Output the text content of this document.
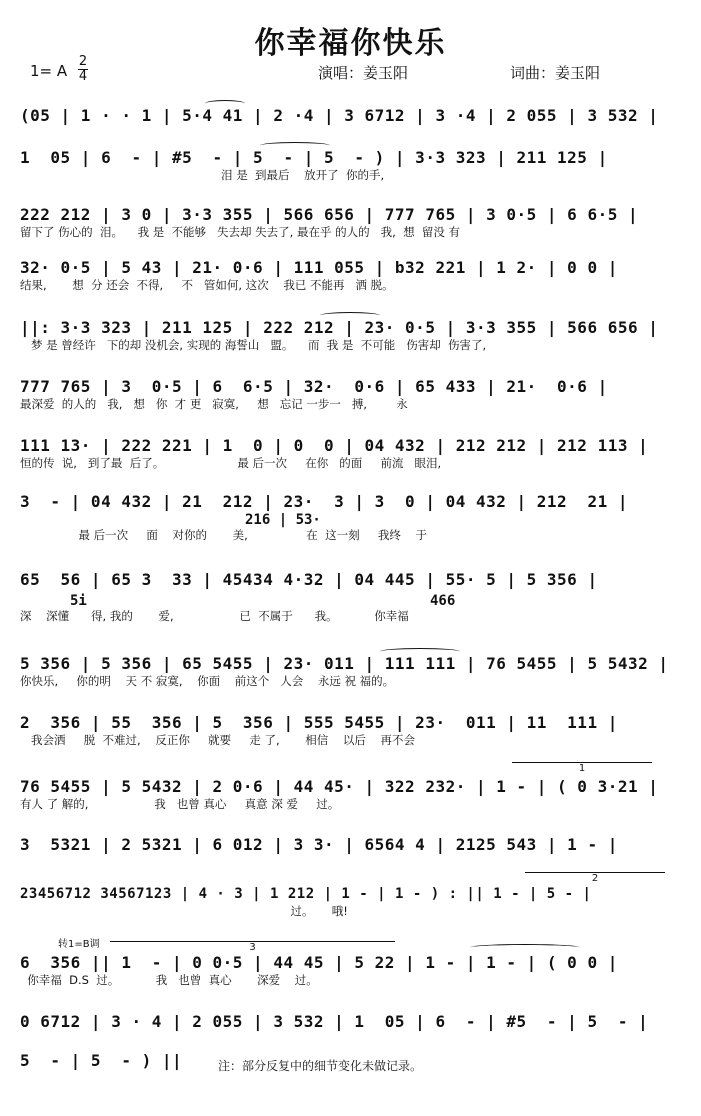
你幸福你快乐
1= A
2
4	演唱：姜玉阳	词曲：姜玉阳
(05 | 1 · · 1 | 5·4 41 | 2 ·4 | 3 6712 | 3 ·4 | 2 055 | 3 532 |
1  05 | 6  - | #5  - | 5  - | 5  - ) | 3·3 323 | 211 125 |
泪 是  到最后    放开了  你的手,
222 212 | 3 0 | 3·3 355 | 566 656 | 777 765 | 3 0·5 | 6 6·5 |
留下了 伤心的  泪。    我 是  不能够   失去却 失去了, 最在乎 的人的   我,  想  留没 有
32· 0·5 | 5 43 | 21· 0·6 | 111 055 | b32 221 | 1 2· | 0 0 |
结果,       想  分 还会  不得,     不   管如何, 这次    我已 不能再   洒 脱。
||: 3·3 323 | 211 125 | 222 212 | 23· 0·5 | 3·3 355 | 566 656 |
梦 是 曾经许   下的却 没机会, 实现的 海誓山   盟。    而  我 是  不可能   伤害却  伤害了,
777 765 | 3  0·5 | 6  6·5 | 32·  0·6 | 65 433 | 21·  0·6 |
最深爱  的人的   我,   想   你  才 更   寂寞,     想   忘记 一步一   搏,        永
111 13· | 222 221 | 1  0 | 0  0 | 04 432 | 212 212 | 212 113 |
恒的传  说,   到了最  后了。                    最 后一次     在你   的面     前流   眼泪,
3  - | 04 432 | 21  212 | 23·  3 | 3  0 | 04 432 | 212  21 |
216 | 53·
最 后一次     面    对你的       美,                在  这一刻     我终    于
65  56 | 65 3  33 | 45434 4·32 | 04 445 | 55· 5 | 5 356 |
5i	466
深    深懂      得, 我的       爱,                  已  不属于      我。          你幸福
5 356 | 5 356 | 65 5455 | 23· 011 | 111 111 | 76 5455 | 5 5432 |
你快乐,     你的明    天 不 寂寞,    你面    前这个   人会    永远 祝 福的。
2  356 | 55  356 | 5  356 | 555 5455 | 23·  011 | 11  111 |
我会洒     脱  不难过,    反正你     就要     走 了,       相信    以后    再不会
76 5455 | 5 5432 | 2 0·6 | 44 45· | 322 232· | 1 - | ( 0 3·21 |
有人 了 解的,                  我   也曾 真心     真意 深 爱     过。
3  5321 | 2 5321 | 6 012 | 3 3· | 6564 4 | 2125 543 | 1 - |
23456712 34567123 | 4 · 3 | 1 212 | 1 - | 1 - ) : || 1 - | 5 - |
过。     哦!
转1=B调
6  356 || 1  - | 0 0·5 | 44 45 | 5 22 | 1 - | 1 - | ( 0 0 |
你幸福  D.S  过。          我   也曾  真心       深爱    过。
0 6712 | 3 · 4 | 2 055 | 3 532 | 1  05 | 6  - | #5  - | 5  - |
5  - | 5  - ) ||
1
2
3
注：部分反复中的细节变化未做记录。
